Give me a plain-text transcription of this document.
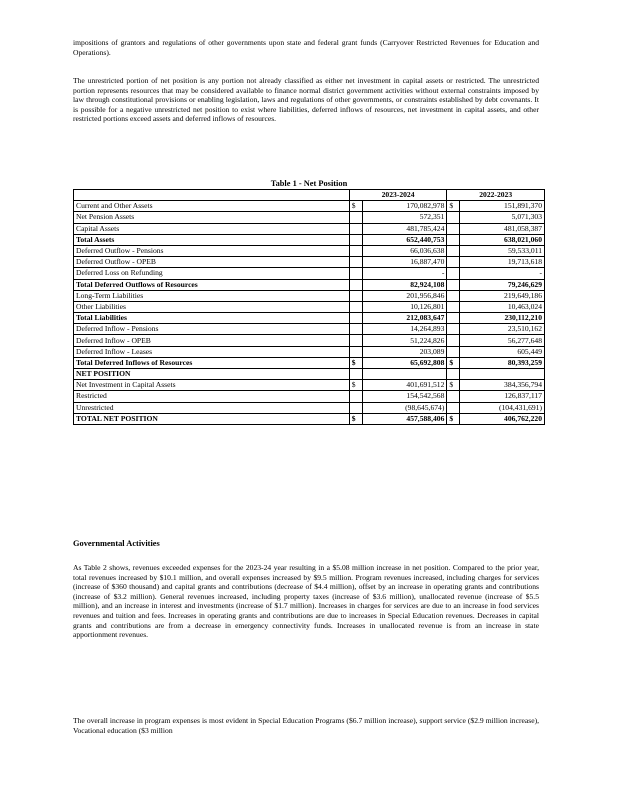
impositions of grantors and regulations of other governments upon state and federal grant funds (Carryover Restricted Revenues for Education and Operations).

The unrestricted portion of net position is any portion not already classified as either net investment in capital assets or restricted. The unrestricted portion represents resources that may be considered available to finance normal district government activities without external constraints imposed by law through constitutional provisions or enabling legislation, laws and regulations of other governments, or constraints established by debt covenants. It is possible for a negative unrestricted net position to exist where liabilities, deferred inflows of resources, net investment in capital assets, and other restricted portions exceed assets and deferred inflows of resources.

Table 1 - Net Position

	2023-2024		2022-2023	
Current and Other Assets	$	170,082,978	$	151,891,370
Net Pension Assets		572,351		5,071,303
Capital Assets		481,785,424		481,058,387
Total Assets		652,440,753		638,021,060
Deferred Outflow - Pensions		66,036,638		59,533,011
Deferred Outflow - OPEB		16,887,470		19,713,618
Deferred Loss on Refunding		-		-
Total Deferred Outflows of Resources		82,924,108		79,246,629
Long-Term Liabilities		201,956,846		219,649,186
Other Liabilities		10,126,801		10,463,024
Total Liabilities		212,083,647		230,112,210
Deferred Inflow - Pensions		14,264,893		23,510,162
Deferred Inflow - OPEB		51,224,826		56,277,648
Deferred Inflow - Leases		203,089		605,449
Total Deferred Inflows of Resources	$	65,692,808	$	80,393,259
NET POSITION				
Net Investment in Capital Assets	$	401,691,512	$	384,356,794
Restricted		154,542,568		126,837,117
Unrestricted		(98,645,674)		(104,431,691)
TOTAL NET POSITION	$	457,588,406	$	406,762,220

Governmental Activities

As Table 2 shows, revenues exceeded expenses for the 2023-24 year resulting in a $5.08 million increase in net position. Compared to the prior year, total revenues increased by $10.1 million, and overall expenses increased by $9.5 million. Program revenues increased, including charges for services (increase of $360 thousand) and capital grants and contributions (decrease of $4.4 million), offset by an increase in operating grants and contributions (increase of $3.2 million). General revenues increased, including property taxes (increase of $3.6 million), unallocated revenue (increase of $5.5 million), and an increase in interest and investments (increase of $1.7 million). Increases in charges for services are due to an increase in food services revenues and tuition and fees. Increases in operating grants and contributions are due to increases in Special Education revenues. Decreases in capital grants and contributions are from a decrease in emergency connectivity funds. Increases in unallocated revenue is from an increase in state apportionment revenues.

The overall increase in program expenses is most evident in Special Education Programs ($6.7 million increase), support service ($2.9 million increase), Vocational education ($3 million
